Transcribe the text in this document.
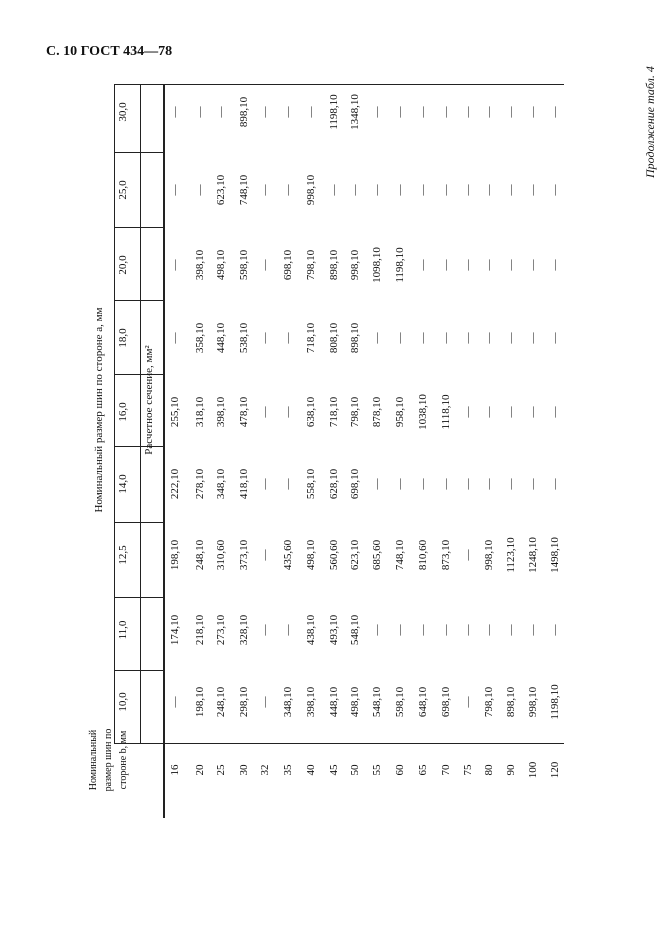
С. 10 ГОСТ 434—78
Продолжение табл. 4
Номинальный размер шин по стороне b, мм
Номинальный размер шин по стороне a, мм	Расчетное сечение, мм²
10,0
11,0
12,5
14,0
16,0
18,0
20,0
25,0
30,0
16
—
174,10
198,10
222,10
255,10
—
—
—
—
20
198,10
218,10
248,10
278,10
318,10
358,10
398,10
—
—
25
248,10
273,10
310,60
348,10
398,10
448,10
498,10
623,10
—
30
298,10
328,10
373,10
418,10
478,10
538,10
598,10
748,10
898,10
32
—
—
—
—
—
—
—
—
—
35
348,10
—
435,60
—
—
—
698,10
—
—
40
398,10
438,10
498,10
558,10
638,10
718,10
798,10
998,10
—
45
448,10
493,10
560,60
628,10
718,10
808,10
898,10
—
1198,10
50
498,10
548,10
623,10
698,10
798,10
898,10
998,10
—
1348,10
55
548,10
—
685,60
—
878,10
—
1098,10
—
—
60
598,10
—
748,10
—
958,10
—
1198,10
—
—
65
648,10
—
810,60
—
1038,10
—
—
—
—
70
698,10
—
873,10
—
1118,10
—
—
—
—
75
—
—
—
—
—
—
—
—
—
80
798,10
—
998,10
—
—
—
—
—
—
90
898,10
—
1123,10
—
—
—
—
—
—
100
998,10
—
1248,10
—
—
—
—
—
—
120
1198,10
—
1498,10
—
—
—
—
—
—
